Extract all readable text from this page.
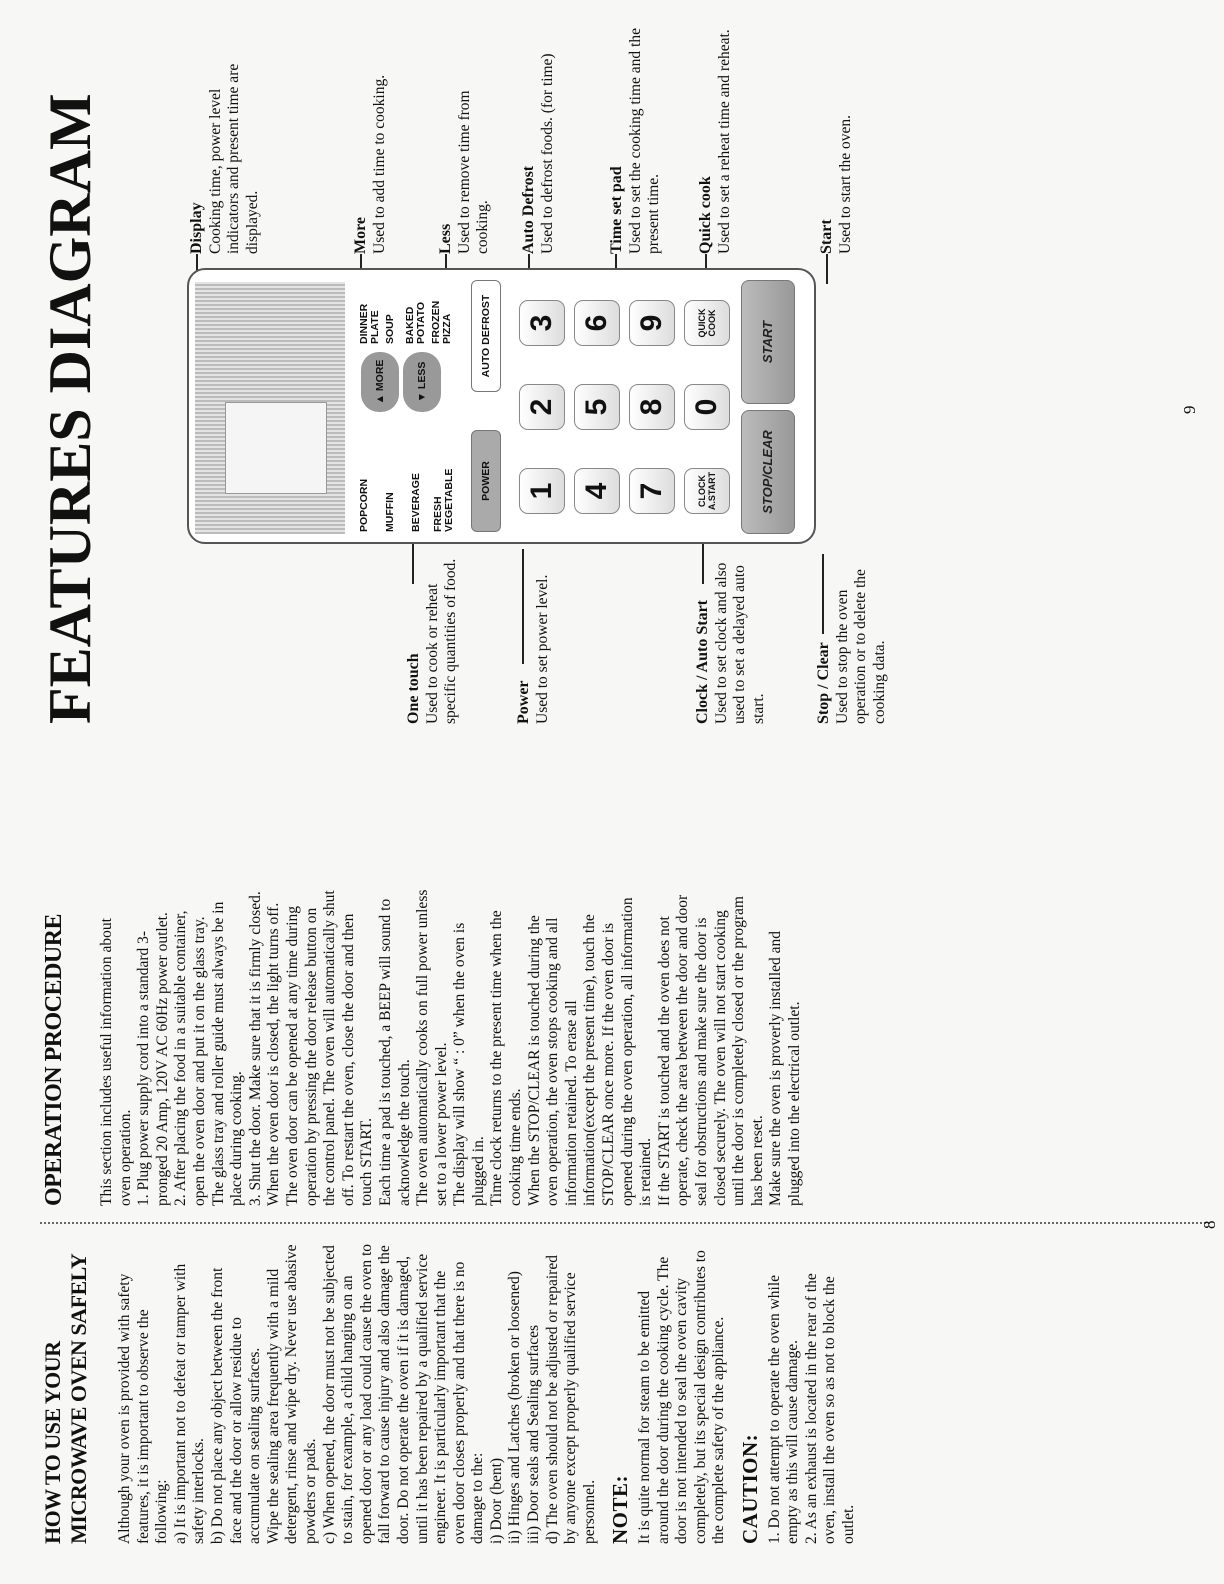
HOW TO USE YOUR
MICROWAVE OVEN SAFELY Although your oven is provided with safety features, it is important to observe the following: a) It is important not to defeat or tamper with safety interlocks. b) Do not place any object between the front face and the door or allow residue to accumulate on sealing surfaces. Wipe the sealing area frequently with a mild detergent, rinse and wipe dry. Never use abasive powders or pads. c) When opened, the door must not be subjected to stain, for example, a child hanging on an opened door or any load could cause the oven to fall forward to cause injury and also damage the door. Do not operate the oven if it is damaged, until it has been repaired by a qualified service engineer. It is particularly important that the oven door closes properly and that there is no damage to the: i) Door (bent) ii) Hinges and Latches (broken or loosened) iii) Door seals and Sealing surfaces d) The oven should not be adjusted or repaired by anyone except properly qualified service personnel. NOTE: It is quite normal for steam to be emitted around the door during the cooking cycle. The door is not intended to seal the oven cavity completely, but its special design contributes to the complete safety of the appliance. CAUTION: 1. Do not attempt to operate the oven while empty as this will cause damage. 2. As an exhaust is located in the rear of the oven, install the oven so as not to block the outlet.

OPERATION PROCEDURE This section includes useful information about oven operation. 1. Plug power supply cord into a standard 3-pronged 20 Amp, 120V AC 60Hz power outlet. 2. After placing the food in a suitable container, open the oven door and put it on the glass tray. The glass tray and roller guide must always be in place during cooking. 3. Shut the door. Make sure that it is firmly closed. When the oven door is closed, the light turns off. The oven door can be opened at any time during operation by pressing the door release button on the control panel. The oven will automatically shut off. To restart the oven, close the door and then touch START. Each time a pad is touched, a BEEP will sound to acknowledge the touch. The oven automatically cooks on full power unless set to a lower power level. The display will show “ : 0” when the oven is plugged in. Time clock returns to the present time when the cooking time ends. When the STOP/CLEAR is touched during the oven operation, the oven stops cooking and all information retained. To erase all information(except the present time), touch the STOP/CLEAR once more. If the oven door is opened during the oven operation, all information is retained. If the START is touched and the oven does not operate, check the area between the door and door seal for obstructions and make sure the door is closed securely. The oven will not start cooking until the door is completely closed or the program has been reset. Make sure the oven is proverly installed and plugged into the electrical outlet.

8
FEATURES DIAGRAM	One touch
Used to cook or reheat specific quantities of food.	Power
Used to set power level.	Clock / Auto Start
Used to set clock and also used to set a delayed auto start.	Stop / Clear
Used to stop the oven operation or to delete the cooking data.
Display
Cooking time, power level indicators and present time are displayed.	More
Used to add time to cooking.	Less
Used to remove time from cooking. Auto Defrost
Used to defrost foods. (for time)	Time set pad
Used to set the cooking time and the present time. Quick cook
Used to set a reheat time and reheat.	Start
Used to start the oven.
POPCORN MUFFIN BEVERAGE FRESH
VEGETABLE
▲ MORE
▼ LESS
DINNER PLATE SOUP BAKED
POTATO FROZEN
PIZZA
POWER
AUTO DEFROST
1
2
3
4
5
6
7
8
9
CLOCK
A.START
0
QUICK
COOK
STOP/CLEAR
START
9
